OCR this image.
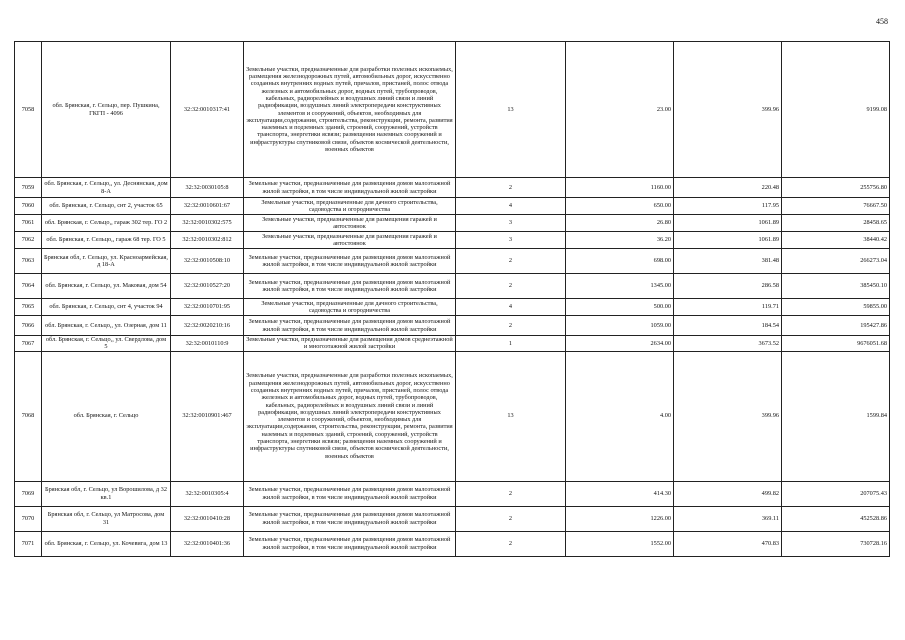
458
7058	обл. Брянская, г. Сельцо, пер. Пушкина, ГКГП - 4096	32:32:0010317:41	Земельные участки, предназначенные для разработки полезных ископаемых, размещения железнодорожных путей, автомобильных дорог, искусственно созданных внутренних водных путей, причалов, пристаней, полос отвода железных и автомобильных дорог, водных путей, трубопроводов, кабельных, радиорелейных и воздушных линий связи и линий радиофикации, воздушных линий электропередачи конструктивных элементов и сооружений, объектов, необходимых для эксплуатации,содержания, строительства, реконструкции, ремонта, развития наземных и подземных зданий, строений, сооружений, устройств транспорта, энергетики ясвязи; размещения наземных сооружений и инфраструктуры спутниковой связи, объектов космической деятельности, военных объектов	13	23.00	399.96	9199.08
7059	обл. Брянская, г. Сельцо,, ул. Деснянская, дом 8-А	32:32:0030105:8	Земельные участки, предназначенные для размещения домов малоэтажной жилой застройки, в том числе индивидуальной жилой застройки	2	1160.00	220.48	255756.80
7060	обл. Брянская, г. Сельцо, снт 2, участок 65	32:32:0010601:67	Земельные участки, предназначенные для дачного строительства, садоводства и огородничества	4	650.00	117.95	76667.50
7061	обл. Брянская, г. Сельцо,, гараж 302 тер. ГО 2	32:32:0010302:575	Земельные участки, предназначенные для размещения гаражей и автостоянок	3	26.80	1061.89	28458.65
7062	обл. Брянская, г. Сельцо,, гараж 68 тер. ГО 5	32:32:0010302:812	Земельные участки, предназначенные для размещения гаражей и автостоянок	3	36.20	1061.89	38440.42
7063	Брянская обл, г. Сельцо, ул. Красноармейская, д 18-А	32:32:0010508:10	Земельные участки, предназначенные для размещения домов малоэтажной жилой застройки, в том числе индивидуальной жилой застройки	2	698.00	381.48	266273.04
7064	обл. Брянская, г. Сельцо, ул. Маковая, дом 54	32:32:0010527:20	Земельные участки, предназначенные для размещения домов малоэтажной жилой застройки, в том числе индивидуальной жилой застройки	2	1345.00	286.58	385450.10
7065	обл. Брянская, г. Сельцо, снт 4, участок 94	32:32:0010701:95	Земельные участки, предназначенные для дачного строительства, садоводства и огородничества	4	500.00	119.71	59855.00
7066	обл. Брянская, г. Сельцо,, ул. Озерная, дом 11	32:32:0020210:16	Земельные участки, предназначенные для размещения домов малоэтажной жилой застройки, в том числе индивидуальной жилой застройки	2	1059.00	184.54	195427.86
7067	обл. Брянская, г. Сельцо,, ул. Свердлова, дом 5	32:32:0010110:9	Земельные участки, предназначенные для размещения домов среднеэтажной и многоэтажной жилой застройки	1	2634.00	3673.52	9676051.68
7068	обл. Брянская, г. Сельцо	32:32:0010901:467	Земельные участки, предназначенные для разработки полезных ископаемых, размещения железнодорожных путей, автомобильных дорог, искусственно созданных внутренних водных путей, причалов, пристаней, полос отвода железных и автомобильных дорог, водных путей, трубопроводов, кабельных, радиорелейных и воздушных линий связи и линий радиофикации, воздушных линий электропередачи конструктивных элементов и сооружений, объектов, необходимых для эксплуатации,содержания, строительства, реконструкции, ремонта, развития наземных и подземных зданий, строений, сооружений, устройств транспорта, энергетики ясвязи; размещения наземных сооружений и инфраструктуры спутниковой связи, объектов космической деятельности, военных объектов	13	4.00	399.96	1599.84
7069	Брянская обл, г. Сельцо, ул Ворошилова, д 32 кв.1	32:32:0010305:4	Земельные участки, предназначенные для размещения домов малоэтажной жилой застройки, в том числе индивидуальной жилой застройки	2	414.30	499.82	207075.43
7070	Брянская обл, г. Сельцо, ул Матросова, дом 31	32:32:0010410:28	Земельные участки, предназначенные для размещения домов малоэтажной жилой застройки, в том числе индивидуальной жилой застройки	2	1226.00	369.11	452528.86
7071	обл. Брянская, г. Сельцо, ул. Кочевига, дом 13	32:32:0010401:36	Земельные участки, предназначенные для размещения домов малоэтажной жилой застройки, в том числе индивидуальной жилой застройки	2	1552.00	470.83	730728.16
